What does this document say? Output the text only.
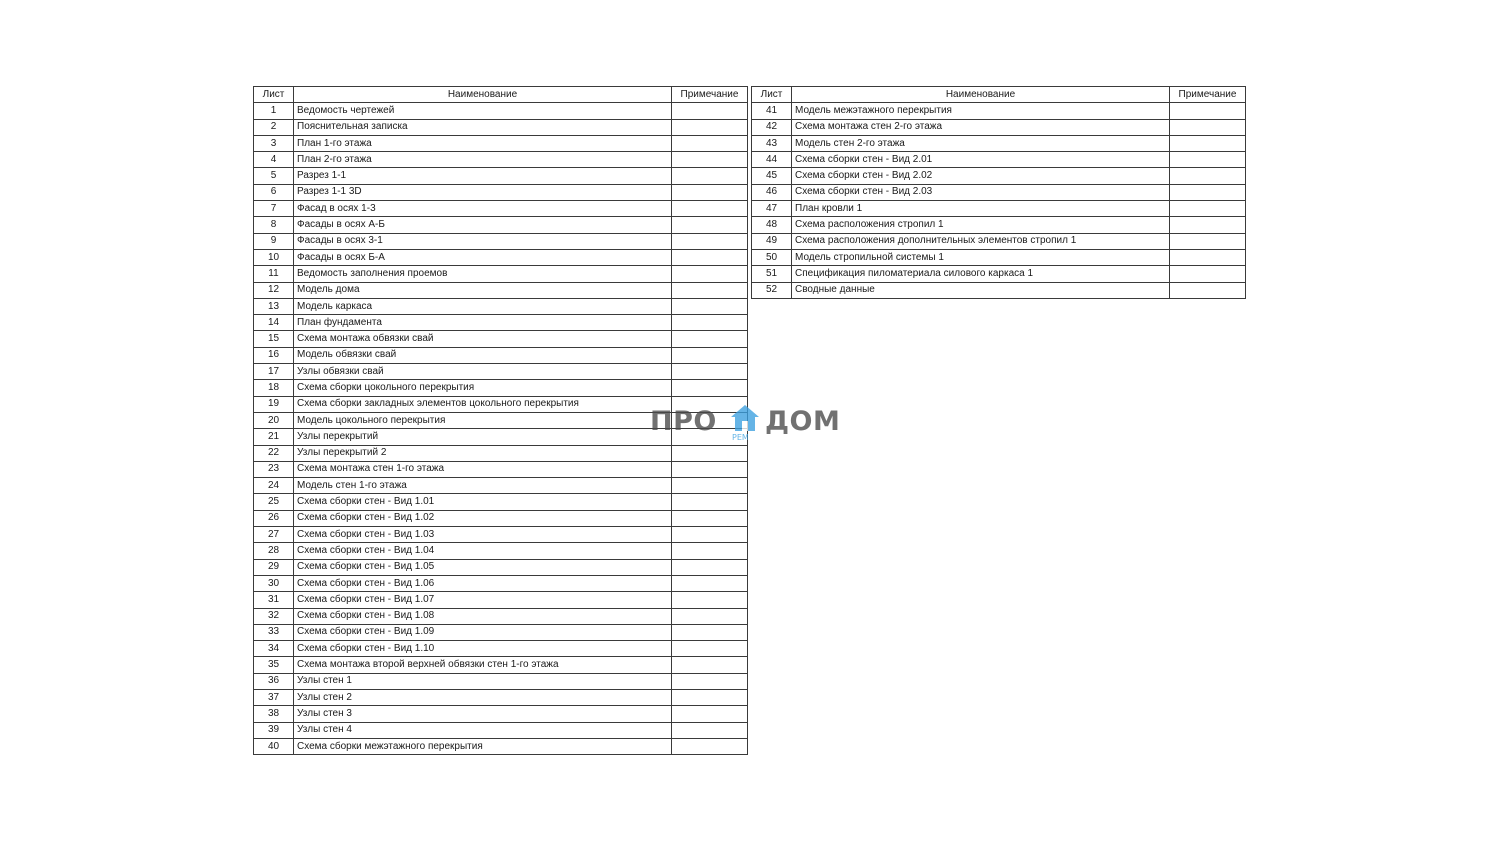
Лист	Наименование	Примечание
1	Ведомость чертежей	
2	Пояснительная записка	
3	План 1-го этажа	
4	План 2-го этажа	
5	Разрез 1-1	
6	Разрез 1-1 3D	
7	Фасад в осях 1-3	
8	Фасады в осях А-Б	
9	Фасады в осях 3-1	
10	Фасады в осях Б-А	
11	Ведомость заполнения проемов	
12	Модель дома	
13	Модель каркаса	
14	План фундамента	
15	Схема монтажа обвязки свай	
16	Модель обвязки свай	
17	Узлы обвязки свай	
18	Схема сборки цокольного перекрытия	
19	Схема сборки закладных элементов цокольного перекрытия	
20	Модель цокольного перекрытия	
21	Узлы перекрытий	
22	Узлы перекрытий 2	
23	Схема монтажа стен 1-го этажа	
24	Модель стен 1-го этажа	
25	Схема сборки стен - Вид 1.01	
26	Схема сборки стен - Вид 1.02	
27	Схема сборки стен - Вид 1.03	
28	Схема сборки стен - Вид 1.04	
29	Схема сборки стен - Вид 1.05	
30	Схема сборки стен - Вид 1.06	
31	Схема сборки стен - Вид 1.07	
32	Схема сборки стен - Вид 1.08	
33	Схема сборки стен - Вид 1.09	
34	Схема сборки стен - Вид 1.10	
35	Схема монтажа второй верхней обвязки стен 1-го этажа	
36	Узлы стен 1	
37	Узлы стен 2	
38	Узлы стен 3	
39	Узлы стен 4	
40	Схема сборки межэтажного перекрытия	
Лист	Наименование	Примечание
41	Модель межэтажного перекрытия	
42	Схема монтажа стен 2-го этажа	
43	Модель стен 2-го этажа	
44	Схема сборки стен - Вид 2.01	
45	Схема сборки стен - Вид 2.02	
46	Схема сборки стен - Вид 2.03	
47	План кровли 1	
48	Схема расположения стропил 1	
49	Схема расположения дополнительных элементов стропил 1	
50	Модель стропильной системы 1	
51	Спецификация пиломатериала силового каркаса 1	
52	Сводные данные	
ПРО ДОМ
РЕМ
